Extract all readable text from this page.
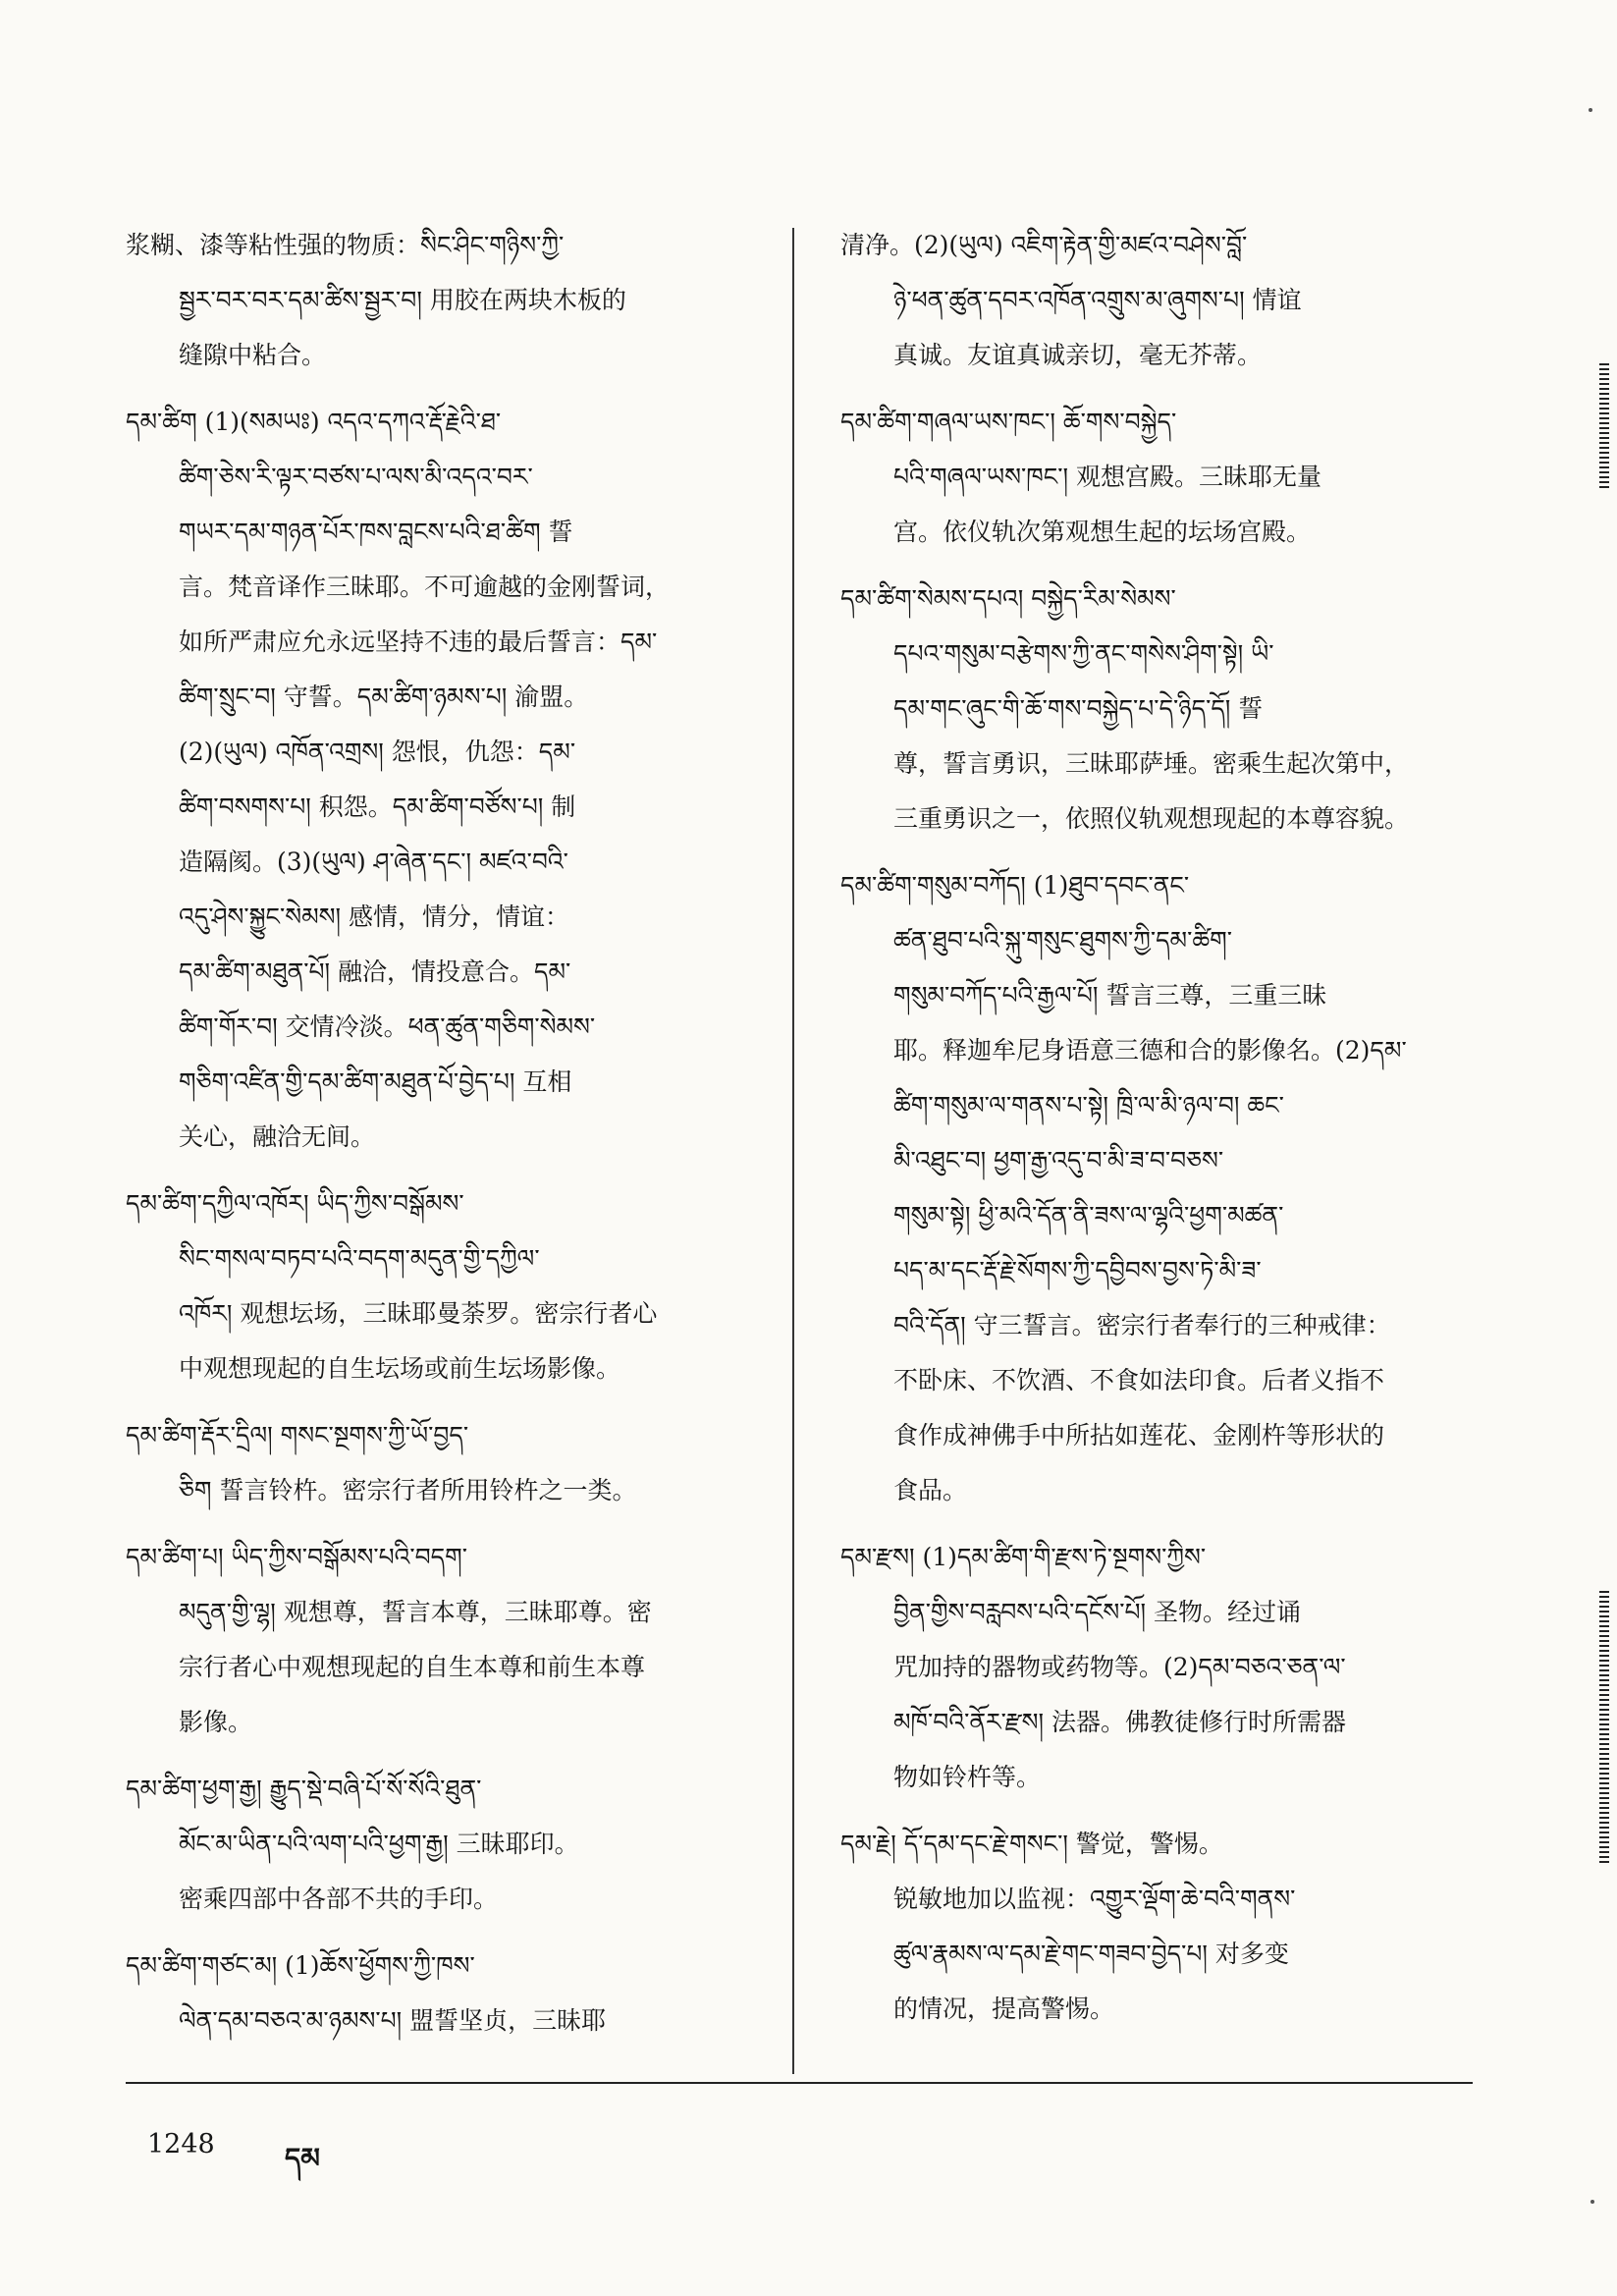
浆糊、漆等粘性强的物质：སིང་ཤིང་གཉིས་ཀྱི་
སྦྱར་བར་བར་དམ་ཚིས་སྦྱར་བ། 用胶在两块木板的
缝隙中粘合。
དམ་ཚིག (1)(སམཡཿ) འདའ་དཀའ་རྡོ་རྗེའི་ཐ་
ཚིག་ཅེས་རི་ལྟར་བཙས་པ་ལས་མི་འདའ་བར་
གཡར་དམ་གཉན་པོར་ཁས་བླངས་པའི་ཐ་ཚིག 誓
言。梵音译作三昧耶。不可逾越的金刚誓词，
如所严肃应允永远坚持不违的最后誓言：དམ་
ཚིག་སྲུང་བ། 守誓。དམ་ཚིག་ཉམས་པ། 渝盟。
(2)(ཡུལ) འཁོན་འགྲས། 怨恨，仇怨：དམ་
ཚིག་བསགས་པ། 积怨。དམ་ཚིག་བཙོས་པ། 制
造隔阂。(3)(ཡུལ) ཤ་ཞེན་དང་། མཛའ་བའི་
འདུ་ཤེས་སྐྱུང་སེམས། 感情，情分，情谊：
དམ་ཚིག་མཐུན་པོ། 融洽，情投意合。དམ་
ཚིག་གོར་བ། 交情冷淡。ཕན་ཚུན་གཅིག་སེམས་
གཅིག་འཛིན་གྱི་དམ་ཚིག་མཐུན་པོ་བྱེད་པ། 互相
关心，融洽无间。
དམ་ཚིག་དཀྱིལ་འཁོར། ཡིད་ཀྱིས་བསྒོམས་
སིང་གསལ་བཏབ་པའི་བདག་མདུན་གྱི་དཀྱིལ་
འཁོར། 观想坛场，三昧耶曼荼罗。密宗行者心
中观想现起的自生坛场或前生坛场影像。
དམ་ཚིག་རྡོར་དྲིལ། གསང་སྔགས་ཀྱི་ཡོ་བྱད་
ཅིག 誓言铃杵。密宗行者所用铃杵之一类。
དམ་ཚིག་པ། ཡིད་ཀྱིས་བསྒོམས་པའི་བདག་
མདུན་གྱི་ལྷ། 观想尊，誓言本尊，三昧耶尊。密
宗行者心中观想现起的自生本尊和前生本尊
影像。
དམ་ཚིག་ཕྱག་རྒྱ། རྒྱུད་སྡེ་བཞི་པོ་སོ་སོའི་ཐུན་
མོང་མ་ཡིན་པའི་ལག་པའི་ཕྱག་རྒྱ། 三昧耶印。
密乘四部中各部不共的手印。
དམ་ཚིག་གཙང་མ། (1)ཆོས་ཕྱོགས་ཀྱི་ཁས་
ལེན་དམ་བཅའ་མ་ཉམས་པ། 盟誓坚贞，三昧耶
清净。(2)(ཡུལ) འཇིག་རྟེན་གྱི་མཛའ་བཤེས་བློ་
ཉེ་ཕན་ཚུན་དབར་འཁོན་འགྲུས་མ་ཞུགས་པ། 情谊
真诚。友谊真诚亲切，毫无芥蒂。
དམ་ཚིག་གཞལ་ཡས་ཁང་། ཆོ་གས་བསྐྱེད་
པའི་གཞལ་ཡས་ཁང་། 观想宫殿。三昧耶无量
宫。依仪轨次第观想生起的坛场宫殿。
དམ་ཚིག་སེམས་དཔའ། བསྐྱེད་རིམ་སེམས་
དཔའ་གསུམ་བརྩེགས་ཀྱི་ནང་གསེས་ཤིག་སྟེ། ཡི་
དམ་གང་ཞུང་གི་ཆོ་གས་བསྐྱེད་པ་དེ་ཉིད་དོ། 誓
尊，誓言勇识，三昧耶萨埵。密乘生起次第中，
三重勇识之一，依照仪轨观想现起的本尊容貌。
དམ་ཚིག་གསུམ་བཀོད། (1)ཐུབ་དབང་ནང་
ཚན་ཐུབ་པའི་སྐུ་གསུང་ཐུགས་ཀྱི་དམ་ཚིག་
གསུམ་བཀོད་པའི་རྒྱལ་པོ། 誓言三尊，三重三昧
耶。释迦牟尼身语意三德和合的影像名。(2)དམ་
ཚིག་གསུམ་ལ་གནས་པ་སྟེ། ཁྲི་ལ་མི་ཉལ་བ། ཆང་
མི་འཐུང་བ། ཕྱག་རྒྱ་འདུ་བ་མི་ཟ་བ་བཅས་
གསུམ་སྟེ། ཕྱི་མའི་དོན་ནི་ཟས་ལ་ལྷའི་ཕྱག་མཚན་
པད་མ་དང་རྡོ་རྗེ་སོགས་ཀྱི་དབྱིབས་བྱས་ཏེ་མི་ཟ་
བའི་དོན། 守三誓言。密宗行者奉行的三种戒律：
不卧床、不饮酒、不食如法印食。后者义指不
食作成神佛手中所拈如莲花、金刚杵等形状的
食品。
དམ་རྫས། (1)དམ་ཚིག་གི་རྫས་ཏེ་སྔགས་ཀྱིས་
བྱིན་གྱིས་བརླབས་པའི་དངོས་པོ། 圣物。经过诵
咒加持的器物或药物等。(2)དམ་བཅའ་ཅན་ལ་
མཁོ་བའི་ནོར་རྫས། 法器。佛教徒修行时所需器
物如铃杵等。
དམ་རྗེ། དོ་དམ་དང་རྗེ་གསང་། 警觉，警惕。
锐敏地加以监视：འགྱུར་ལྡོག་ཆེ་བའི་གནས་
ཚུལ་རྣམས་ལ་དམ་རྗེ་གང་གཟབ་བྱེད་པ། 对多变
的情况，提高警惕。
1248	དམ
